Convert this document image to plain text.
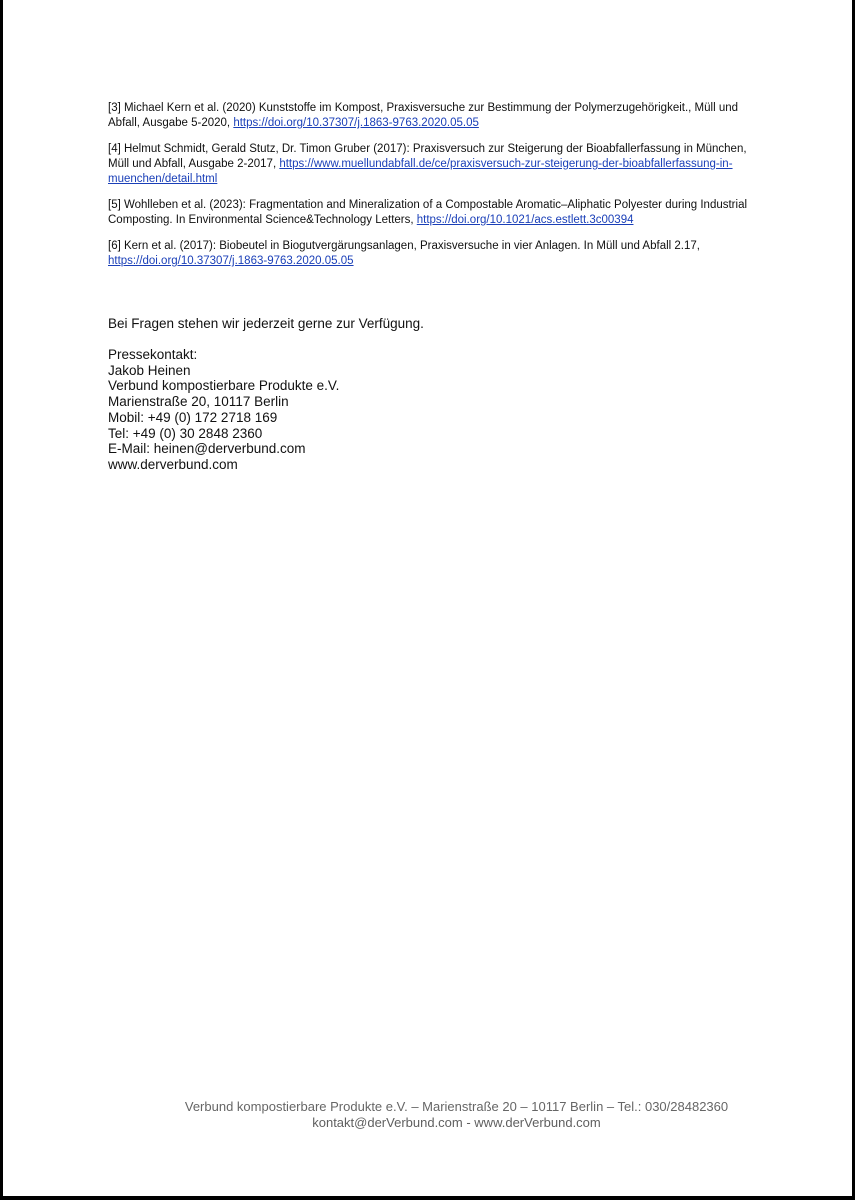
[3] Michael Kern et al. (2020) Kunststoffe im Kompost, Praxisversuche zur Bestimmung der Polymerzugehörigkeit., Müll und Abfall, Ausgabe 5-2020, https://doi.org/10.37307/j.1863-9763.2020.05.05

[4] Helmut Schmidt, Gerald Stutz, Dr. Timon Gruber (2017): Praxisversuch zur Steigerung der Bioabfallerfassung in München, Müll und Abfall, Ausgabe 2-2017, https://www.muellundabfall.de/ce/praxisversuch-zur-steigerung-der-bioabfallerfassung-in-muenchen/detail.html

[5] Wohlleben et al. (2023): Fragmentation and Mineralization of a Compostable Aromatic–Aliphatic Polyester during Industrial Composting. In Environmental Science&Technology Letters, https://doi.org/10.1021/acs.estlett.3c00394

[6] Kern et al. (2017): Biobeutel in Biogutvergärungsanlagen, Praxisversuche in vier Anlagen. In Müll und Abfall 2.17, https://doi.org/10.37307/j.1863-9763.2020.05.05

Bei Fragen stehen wir jederzeit gerne zur Verfügung.

Pressekontakt:

Jakob Heinen

Verbund kompostierbare Produkte e.V.

Marienstraße 20, 10117 Berlin

Mobil: +49 (0) 172 2718 169

Tel: +49 (0) 30 2848 2360

E-Mail: heinen@derverbund.com

www.derverbund.com

Verbund kompostierbare Produkte e.V. – Marienstraße 20 – 10117 Berlin – Tel.: 030/28482360

kontakt@derVerbund.com - www.derVerbund.com
